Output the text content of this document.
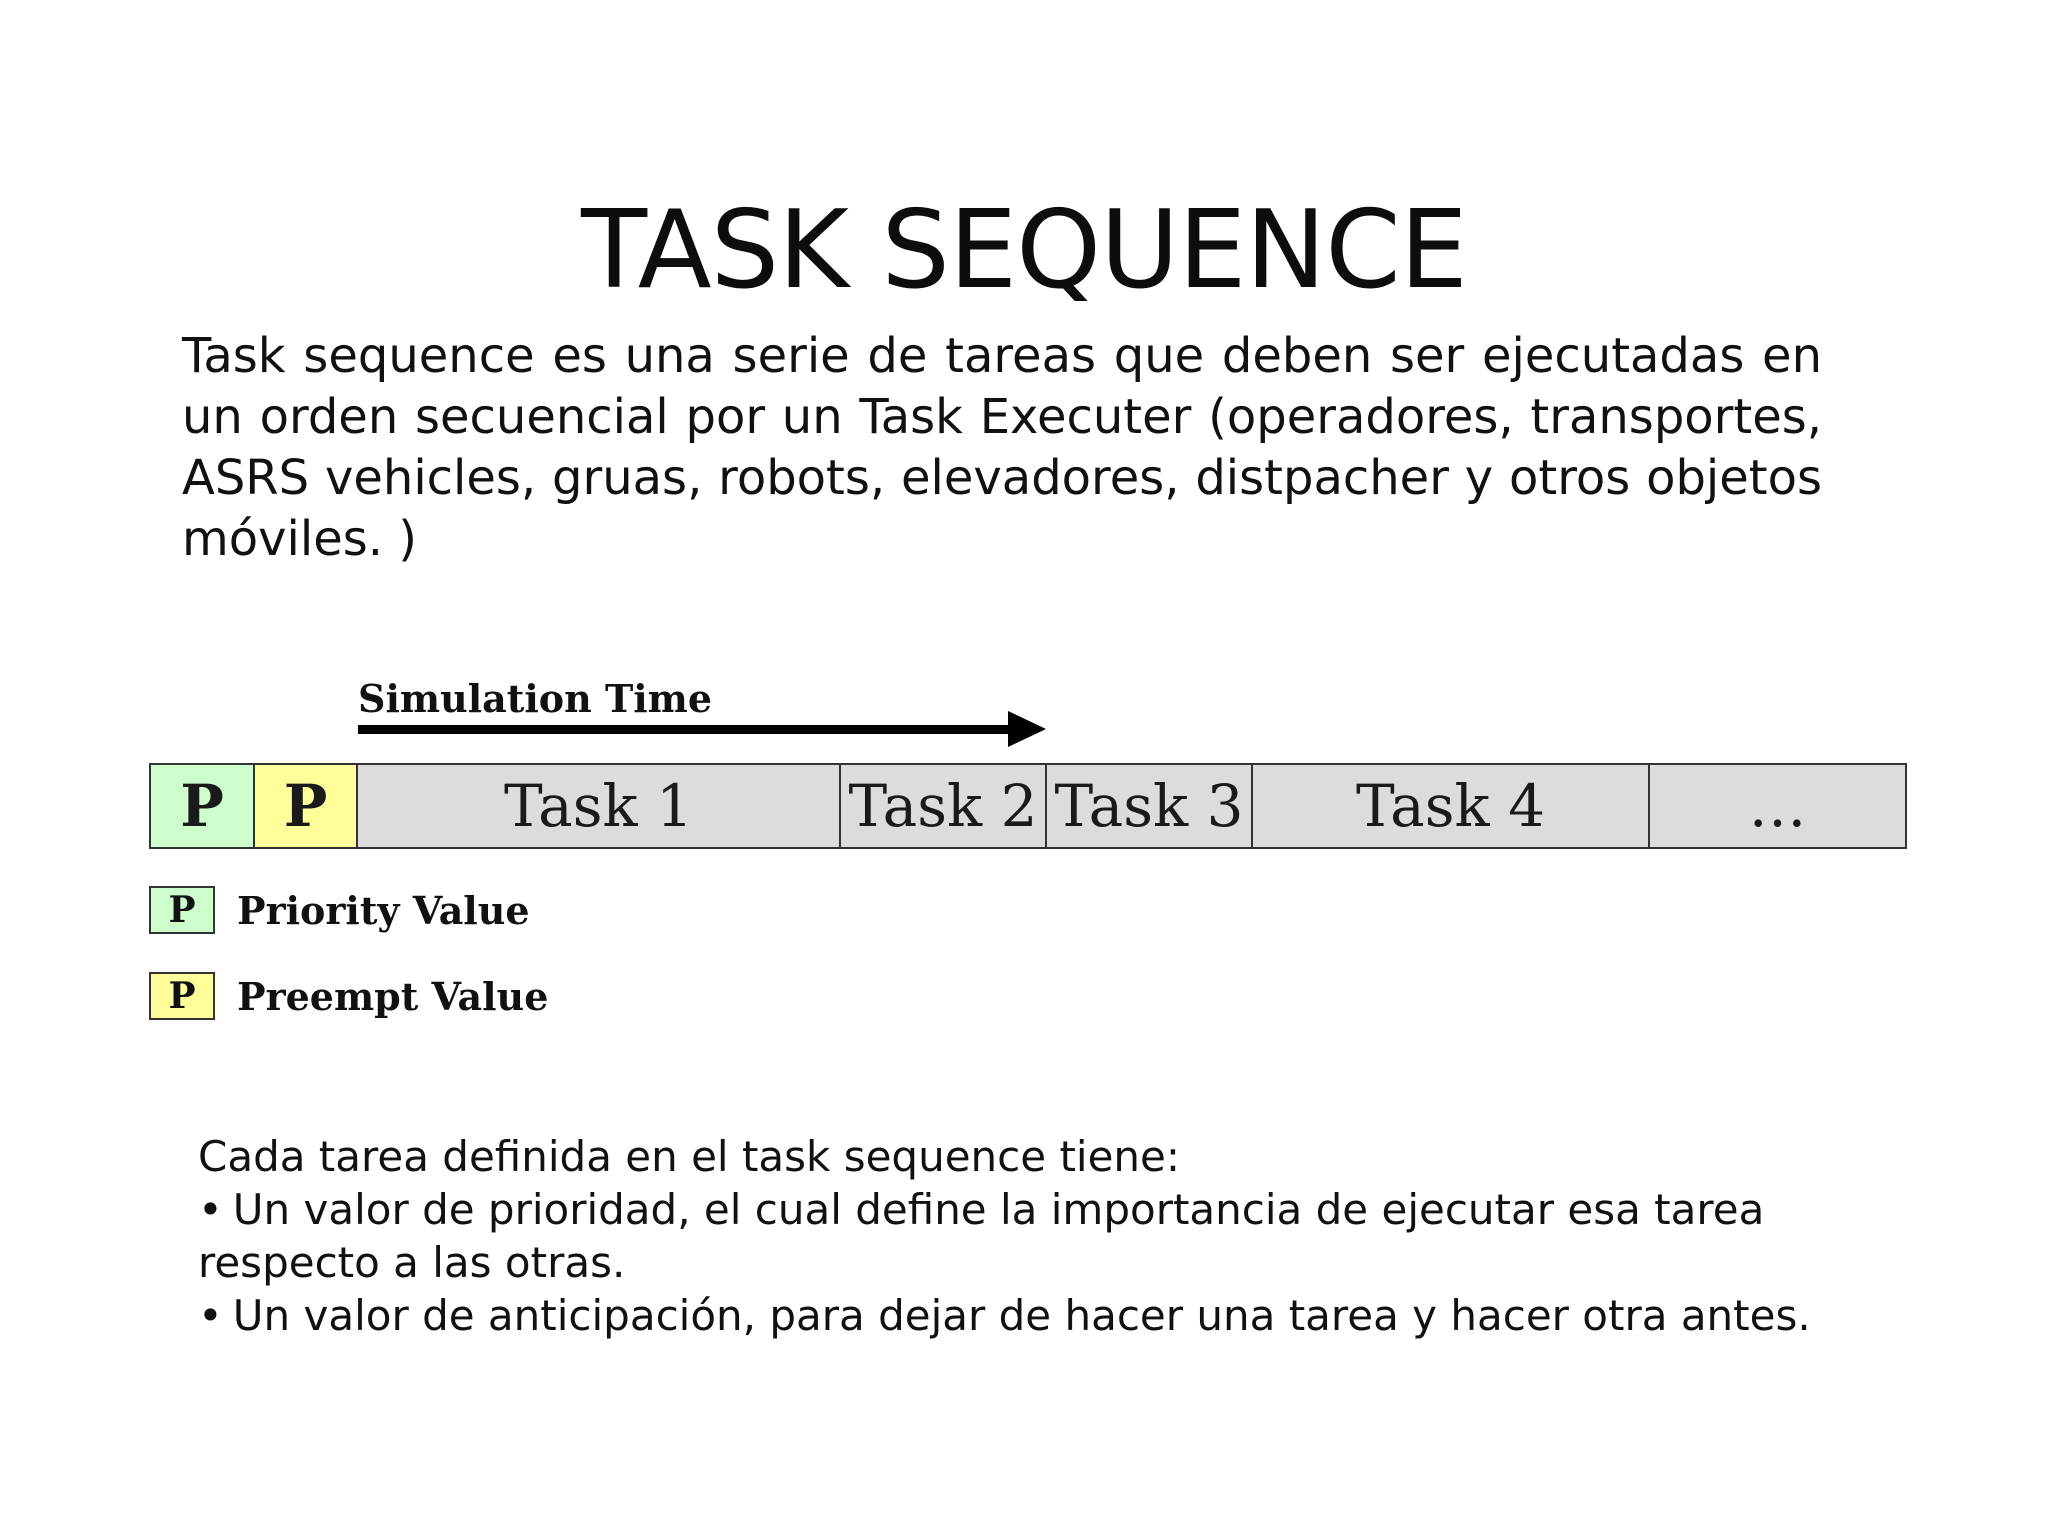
TASK SEQUENCE
Task sequence es una serie de tareas que deben ser ejecutadas en un orden secuencial por un Task Executer (operadores, transportes, ASRS vehicles, gruas, robots, elevadores, distpacher y otros objetos móviles. )
Simulation Time
P	P	Task 1	Task 2 Task 3	Task 4	…
P	Priority Value
P	Preempt Value
Cada tarea definida en el task sequence tiene:
• Un valor de prioridad, el cual define la importancia de ejecutar esa tarea respecto a las otras.
• Un valor de anticipación, para dejar de hacer una tarea y hacer otra antes.
